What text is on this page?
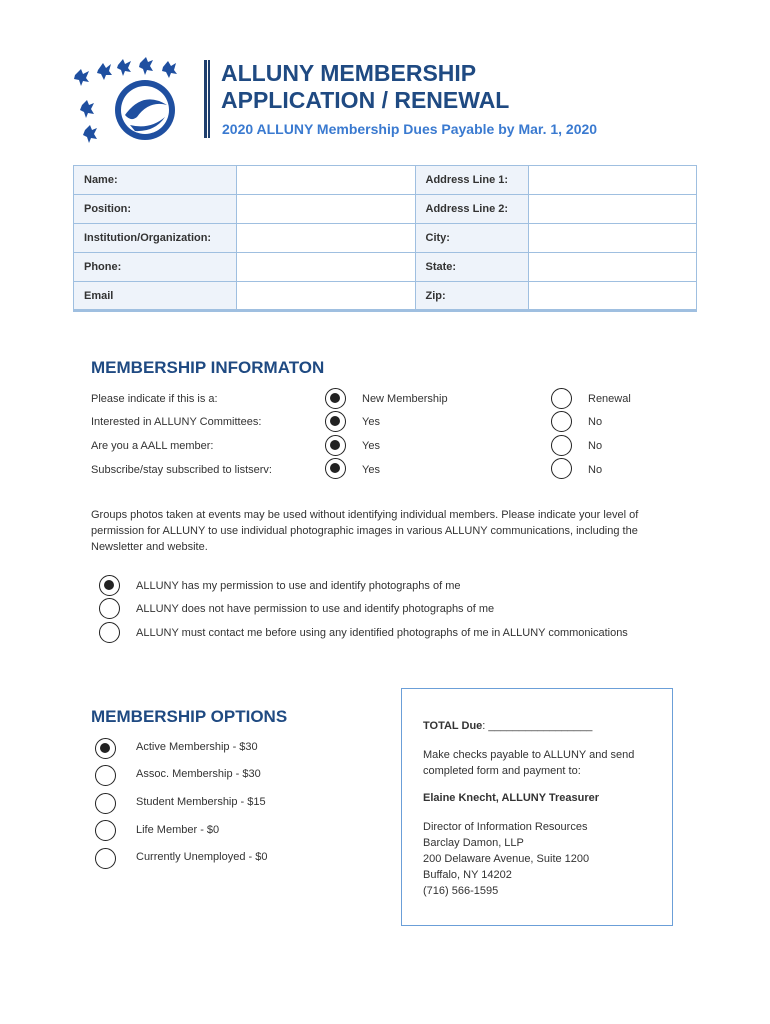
ALLUNY MEMBERSHIP
APPLICATION / RENEWAL
2020 ALLUNY Membership Dues Payable by Mar. 1, 2020
Name:		Address Line 1:	
Position:		Address Line 2:	
Institution/Organization:		City:	
Phone:		State:	
Email		Zip:	
MEMBERSHIP INFORMATON
Please indicate if this is a:	New Membership	Renewal
Interested in ALLUNY Committees:	Yes	No
Are you a AALL member:	Yes	No
Subscribe/stay subscribed to listserv:	Yes	No
Groups photos taken at events may be used without identifying individual members. Please indicate your level of permission for ALLUNY to use individual photographic images in various ALLUNY communications, including the Newsletter and website.
ALLUNY has my permission to use and identify photographs of me
ALLUNY does not have permission to use and identify photographs of me
ALLUNY must contact me before using any identified photographs of me in ALLUNY commonications
MEMBERSHIP OPTIONS
Active Membership - $30
Assoc. Membership - $30
Student Membership - $15
Life Member - $0
Currently Unemployed - $0
TOTAL Due: _________________
Make checks payable to ALLUNY and send
completed form and payment to:
Elaine Knecht, ALLUNY Treasurer
Director of Information Resources
Barclay Damon, LLP
200 Delaware Avenue, Suite 1200
Buffalo, NY 14202
(716) 566-1595
